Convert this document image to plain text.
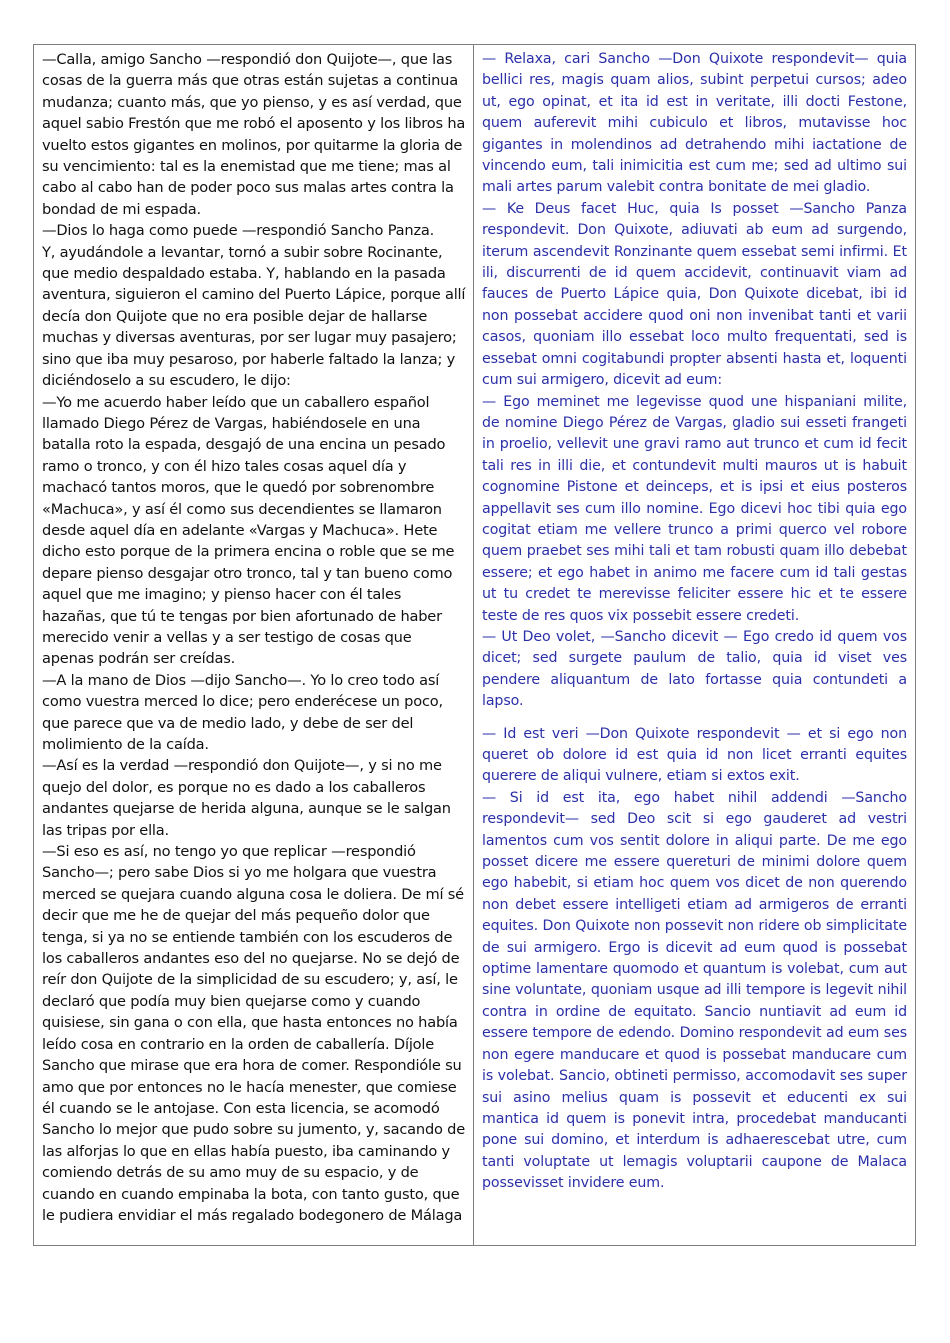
—Calla, amigo Sancho —respondió don Quijote—, que las cosas de la guerra más que otras están sujetas a continua mudanza; cuanto más, que yo pienso, y es así verdad, que aquel sabio Frestón que me robó el aposento y los libros ha vuelto estos gigantes en molinos, por quitarme la gloria de su vencimiento: tal es la enemistad que me tiene; mas al cabo al cabo han de poder poco sus malas artes contra la bondad de mi espada.

—Dios lo haga como puede —respondió Sancho Panza.

Y, ayudándole a levantar, tornó a subir sobre Rocinante, que medio despaldado estaba. Y, hablando en la pasada aventura, siguieron el camino del Puerto Lápice, porque allí decía don Quijote que no era posible dejar de hallarse muchas y diversas aventuras, por ser lugar muy pasajero; sino que iba muy pesaroso, por haberle faltado la lanza; y diciéndoselo a su escudero, le dijo:

—Yo me acuerdo haber leído que un caballero español llamado Diego Pérez de Vargas, habiéndosele en una batalla roto la espada, desgajó de una encina un pesado ramo o tronco, y con él hizo tales cosas aquel día y machacó tantos moros, que le quedó por sobrenombre «Machuca», y así él como sus decendientes se llamaron desde aquel día en adelante «Vargas y Machuca». Hete dicho esto porque de la primera encina o roble que se me depare pienso desgajar otro tronco, tal y tan bueno como aquel que me imagino; y pienso hacer con él tales hazañas, que tú te tengas por bien afortunado de haber merecido venir a vellas y a ser testigo de cosas que apenas podrán ser creídas.

—A la mano de Dios —dijo Sancho—. Yo lo creo todo así como vuestra merced lo dice; pero enderécese un poco, que parece que va de medio lado, y debe de ser del molimiento de la caída.

—Así es la verdad —respondió don Quijote—, y si no me quejo del dolor, es porque no es dado a los caballeros andantes quejarse de herida alguna, aunque se le salgan las tripas por ella.

—Si eso es así, no tengo yo que replicar —respondió Sancho—; pero sabe Dios si yo me holgara que vuestra merced se quejara cuando alguna cosa le doliera. De mí sé decir que me he de quejar del más pequeño dolor que tenga, si ya no se entiende también con los escuderos de los caballeros andantes eso del no quejarse. No se dejó de reír don Quijote de la simplicidad de su escudero; y, así, le declaró que podía muy bien quejarse como y cuando quisiese, sin gana o con ella, que hasta entonces no había leído cosa en contrario en la orden de caballería. Díjole Sancho que mirase que era hora de comer. Respondióle su amo que por entonces no le hacía menester, que comiese él cuando se le antojase. Con esta licencia, se acomodó Sancho lo mejor que pudo sobre su jumento, y, sacando de las alforjas lo que en ellas había puesto, iba caminando y comiendo detrás de su amo muy de su espacio, y de cuando en cuando empinaba la bota, con tanto gusto, que le pudiera envidiar el más regalado bodegonero de Málaga

— Relaxa, cari Sancho —Don Quixote respondevit— quia bellici res, magis quam alios, subint perpetui cursos; adeo ut, ego opinat, et ita id est in veritate, illi docti Festone, quem auferevit mihi cubiculo et libros, mutavisse hoc gigantes in molendinos ad detrahendo mihi iactatione de vincendo eum, tali inimicitia est cum me; sed ad ultimo sui mali artes parum valebit contra bonitate de mei gladio.

— Ke Deus facet Huc, quia Is posset —Sancho Panza respondevit. Don Quixote, adiuvati ab eum ad surgendo, iterum ascendevit Ronzinante quem essebat semi infirmi. Et ili, discurrenti de id quem accidevit, continuavit viam ad fauces de Puerto Lápice quia, Don Quixote dicebat, ibi id non possebat accidere quod oni non invenibat tanti et varii casos, quoniam illo essebat loco multo frequentati, sed is essebat omni cogitabundi propter absenti hasta et, loquenti cum sui armigero, dicevit ad eum:

— Ego meminet me legevisse quod une hispaniani milite, de nomine Diego Pérez de Vargas, gladio sui esseti frangeti in proelio, vellevit une gravi ramo aut trunco et cum id fecit tali res in illi die, et contundevit multi mauros ut is habuit cognomine Pistone et deinceps, et is ipsi et eius posteros appellavit ses cum illo nomine. Ego dicevi hoc tibi quia ego cogitat etiam me vellere trunco a primi querco vel robore quem praebet ses mihi tali et tam robusti quam illo debebat essere; et ego habet in animo me facere cum id tali gestas ut tu credet te merevisse feliciter essere hic et te essere teste de res quos vix possebit essere credeti.

— Ut Deo volet, —Sancho dicevit — Ego credo id quem vos dicet; sed surgete paulum de talio, quia id viset ves pendere aliquantum de lato fortasse quia contundeti a lapso.

— Id est veri —Don Quixote respondevit — et si ego non queret ob dolore id est quia id non licet erranti equites querere de aliqui vulnere, etiam si extos exit.

— Si id est ita, ego habet nihil addendi —Sancho respondevit— sed Deo scit si ego gauderet ad vestri lamentos cum vos sentit dolore in aliqui parte. De me ego posset dicere me essere quereturi de minimi dolore quem ego habebit, si etiam hoc quem vos dicet de non querendo non debet essere intelligeti etiam ad armigeros de erranti equites. Don Quixote non possevit non ridere ob simplicitate de sui armigero. Ergo is dicevit ad eum quod is possebat optime lamentare quomodo et quantum is volebat, cum aut sine voluntate, quoniam usque ad illi tempore is legevit nihil contra in ordine de equitato. Sancio nuntiavit ad eum id essere tempore de edendo. Domino respondevit ad eum ses non egere manducare et quod is possebat manducare cum is volebat. Sancio, obtineti permisso, accomodavit ses super sui asino melius quam is possevit et educenti ex sui mantica id quem is ponevit intra, procedebat manducanti pone sui domino, et interdum is adhaerescebat utre, cum tanti voluptate ut lemagis voluptarii caupone de Malaca possevisset invidere eum.
